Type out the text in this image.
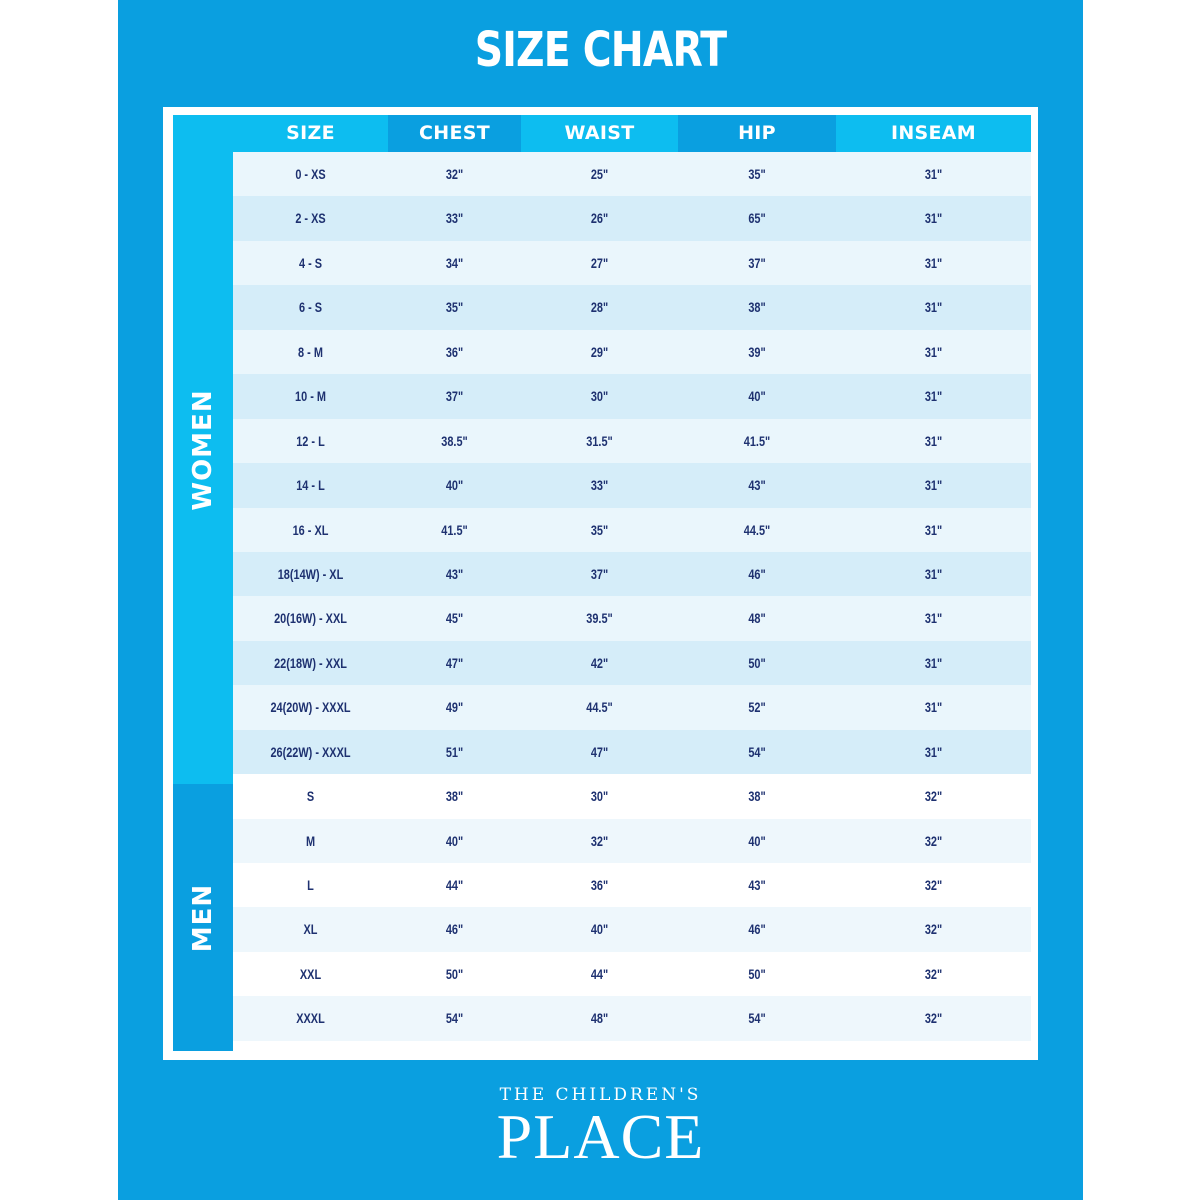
SIZE CHART
WOMEN
MEN
SIZE	CHEST	WAIST	HIP	INSEAM
0 - XS	32"	25"	35"	31"
2 - XS	33"	26"	65"	31"
4 - S	34"	27"	37"	31"
6 - S	35"	28"	38"	31"
8 - M	36"	29"	39"	31"
10 - M	37"	30"	40"	31"
12 - L	38.5"	31.5"	41.5"	31"
14 - L	40"	33"	43"	31"
16 - XL	41.5"	35"	44.5"	31"
18(14W) - XL	43"	37"	46"	31"
20(16W) - XXL	45"	39.5"	48"	31"
22(18W) - XXL	47"	42"	50"	31"
24(20W) - XXXL	49"	44.5"	52"	31"
26(22W) - XXXL	51"	47"	54"	31"
S	38"	30"	38"	32"
M	40"	32"	40"	32"
L	44"	36"	43"	32"
XL	46"	40"	46"	32"
XXL	50"	44"	50"	32"
XXXL	54"	48"	54"	32"
THE CHILDREN'S
PLACE
